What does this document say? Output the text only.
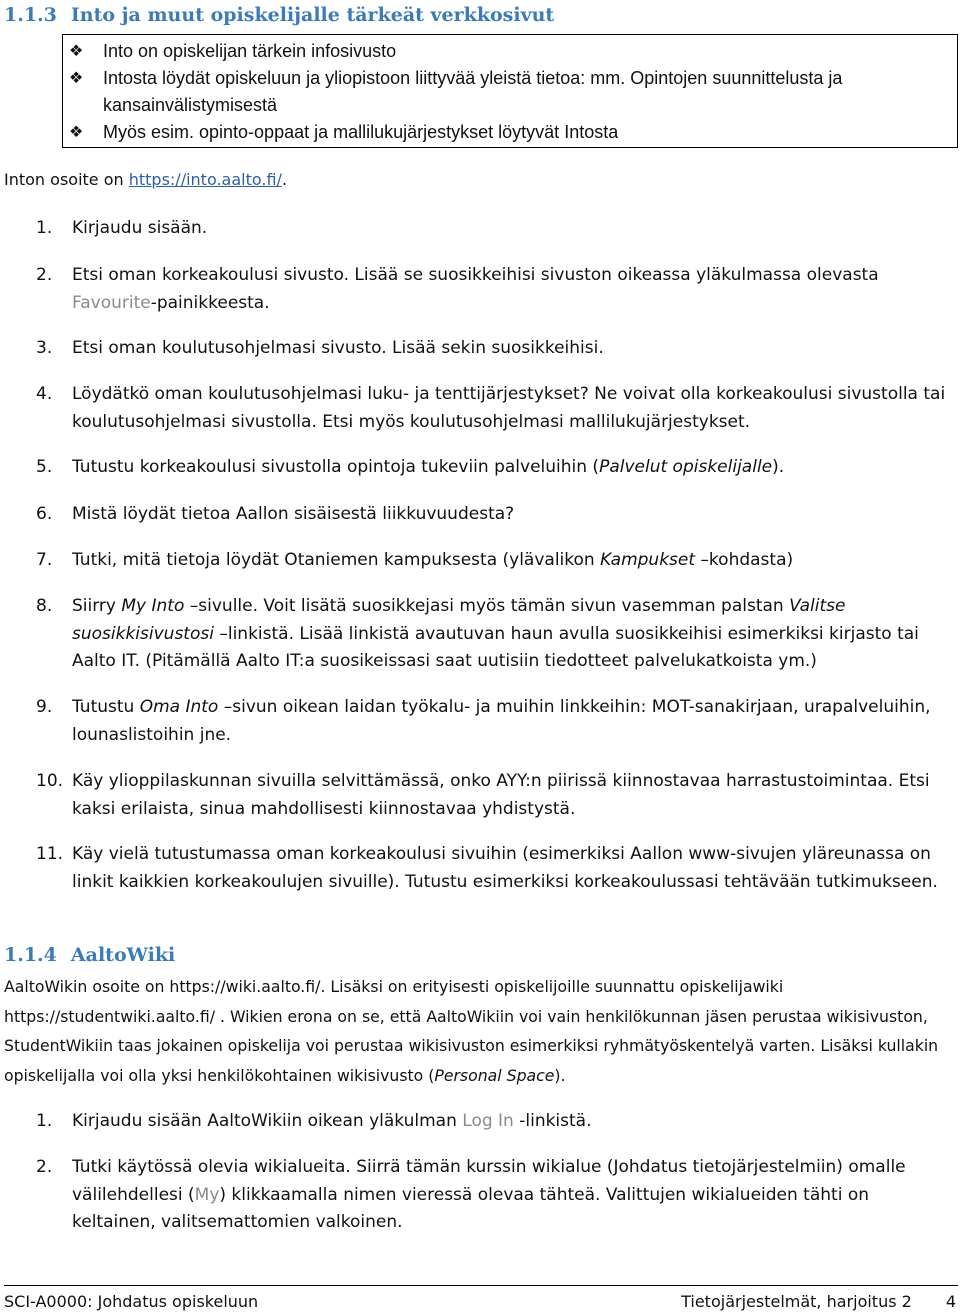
1.1.3 Into ja muut opiskelijalle tärkeät verkkosivut
❖	Into on opiskelijan tärkein infosivusto
❖	Intosta löydät opiskeluun ja yliopistoon liittyvää yleistä tietoa: mm. Opintojen suunnittelusta ja kansainvälistymisestä
❖	Myös esim. opinto-oppaat ja mallilukujärjestykset löytyvät Intosta

Inton osoite on https://into.aalto.fi/.

1.	Kirjaudu sisään.
2.	Etsi oman korkeakoulusi sivusto. Lisää se suosikkeihisi sivuston oikeassa yläkulmassa olevasta Favourite-painikkeesta.
3.	Etsi oman koulutusohjelmasi sivusto. Lisää sekin suosikkeihisi.
4.	Löydätkö oman koulutusohjelmasi luku- ja tenttijärjestykset? Ne voivat olla korkeakoulusi sivustolla tai koulutusohjelmasi sivustolla. Etsi myös koulutusohjelmasi mallilukujärjestykset.
5.	Tutustu korkeakoulusi sivustolla opintoja tukeviin palveluihin (Palvelut opiskelijalle).
6.	Mistä löydät tietoa Aallon sisäisestä liikkuvuudesta?
7.	Tutki, mitä tietoja löydät Otaniemen kampuksesta (ylävalikon Kampukset –kohdasta)
8.	Siirry My Into –sivulle. Voit lisätä suosikkejasi myös tämän sivun vasemman palstan Valitse suosikkisivustosi –linkistä. Lisää linkistä avautuvan haun avulla suosikkeihisi esimerkiksi kirjasto tai Aalto IT. (Pitämällä Aalto IT:a suosikeissasi saat uutisiin tiedotteet palvelukatkoista ym.)
9.	Tutustu Oma Into –sivun oikean laidan työkalu- ja muihin linkkeihin: MOT-sanakirjaan, urapalveluihin, lounaslistoihin jne.
10. Käy ylioppilaskunnan sivuilla selvittämässä, onko AYY:n piirissä kiinnostavaa harrastustoimintaa. Etsi kaksi erilaista, sinua mahdollisesti kiinnostavaa yhdistystä.
11. Käy vielä tutustumassa oman korkeakoulusi sivuihin (esimerkiksi Aallon www-sivujen yläreunassa on linkit kaikkien korkeakoulujen sivuille). Tutustu esimerkiksi korkeakoulussasi tehtävään tutkimukseen.
1.1.4 AaltoWiki

AaltoWikin osoite on https://wiki.aalto.fi/. Lisäksi on erityisesti opiskelijoille suunnattu opiskelijawiki https://studentwiki.aalto.fi/ . Wikien erona on se, että AaltoWikiin voi vain henkilökunnan jäsen perustaa wikisivuston, StudentWikiin taas jokainen opiskelija voi perustaa wikisivuston esimerkiksi ryhmätyöskentelyä varten. Lisäksi kullakin opiskelijalla voi olla yksi henkilökohtainen wikisivusto (Personal Space).

1.	Kirjaudu sisään AaltoWikiin oikean yläkulman Log In -linkistä.
2.	Tutki käytössä olevia wikialueita. Siirrä tämän kurssin wikialue (Johdatus tietojärjestelmiin) omalle välilehdellesi (My) klikkaamalla nimen vieressä olevaa tähteä. Valittujen wikialueiden tähti on keltainen, valitsemattomien valkoinen.
SCI-A0000: Johdatus opiskeluun	Tietojärjestelmät, harjoitus 2 4
